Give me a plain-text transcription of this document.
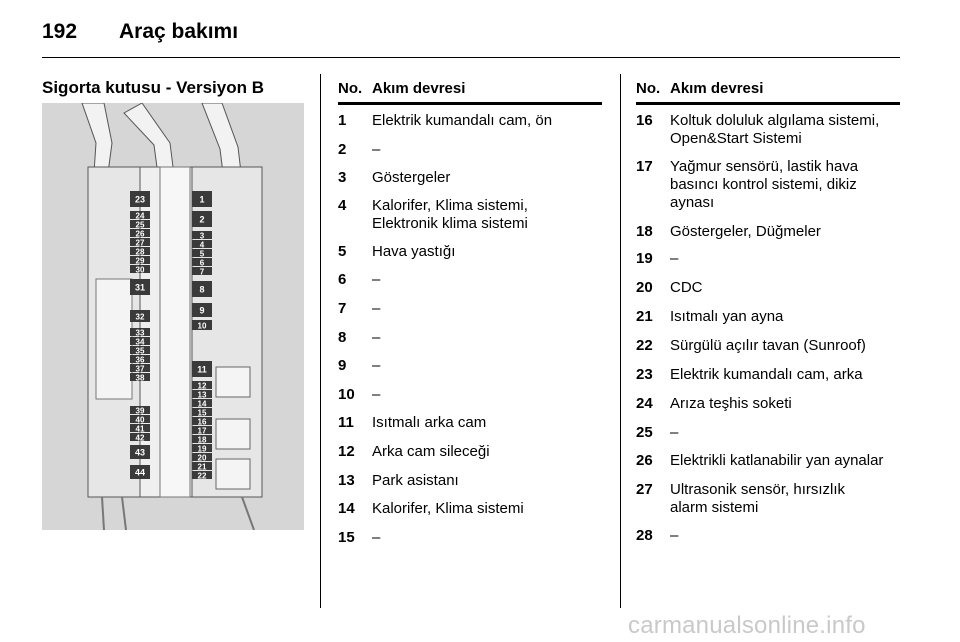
192 Araç bakımı
Sigorta kutusu - Versiyon B
23
24
25
26
27
28
29
30
31
32
33
34
35
36
37
38
39
40
41
42
43
44
1
2
3
4
5
6
7
8
9
10
11
12
13
14
15
16
17
18
19
20
21
22
No. Akım devresi
1	Elektrik kumandalı cam, ön
2	–
3	Göstergeler
4	Kalorifer, Klima sistemi,
Elektronik klima sistemi
5	Hava yastığı
6	–
7	–
8	–
9	–
10	–
11	Isıtmalı arka cam
12	Arka cam sileceği
13	Park asistanı
14	Kalorifer, Klima sistemi
15	–
No. Akım devresi
16	Koltuk doluluk algılama sistemi,
Open&Start Sistemi
17	Yağmur sensörü, lastik hava
basıncı kontrol sistemi, dikiz
aynası
18	Göstergeler, Düğmeler
19	–
20	CDC
21	Isıtmalı yan ayna
22	Sürgülü açılır tavan (Sunroof)
23	Elektrik kumandalı cam, arka
24	Arıza teşhis soketi
25	–
26	Elektrikli katlanabilir yan aynalar
27	Ultrasonik sensör, hırsızlık
alarm sistemi
28	–
carmanualsonline.info
